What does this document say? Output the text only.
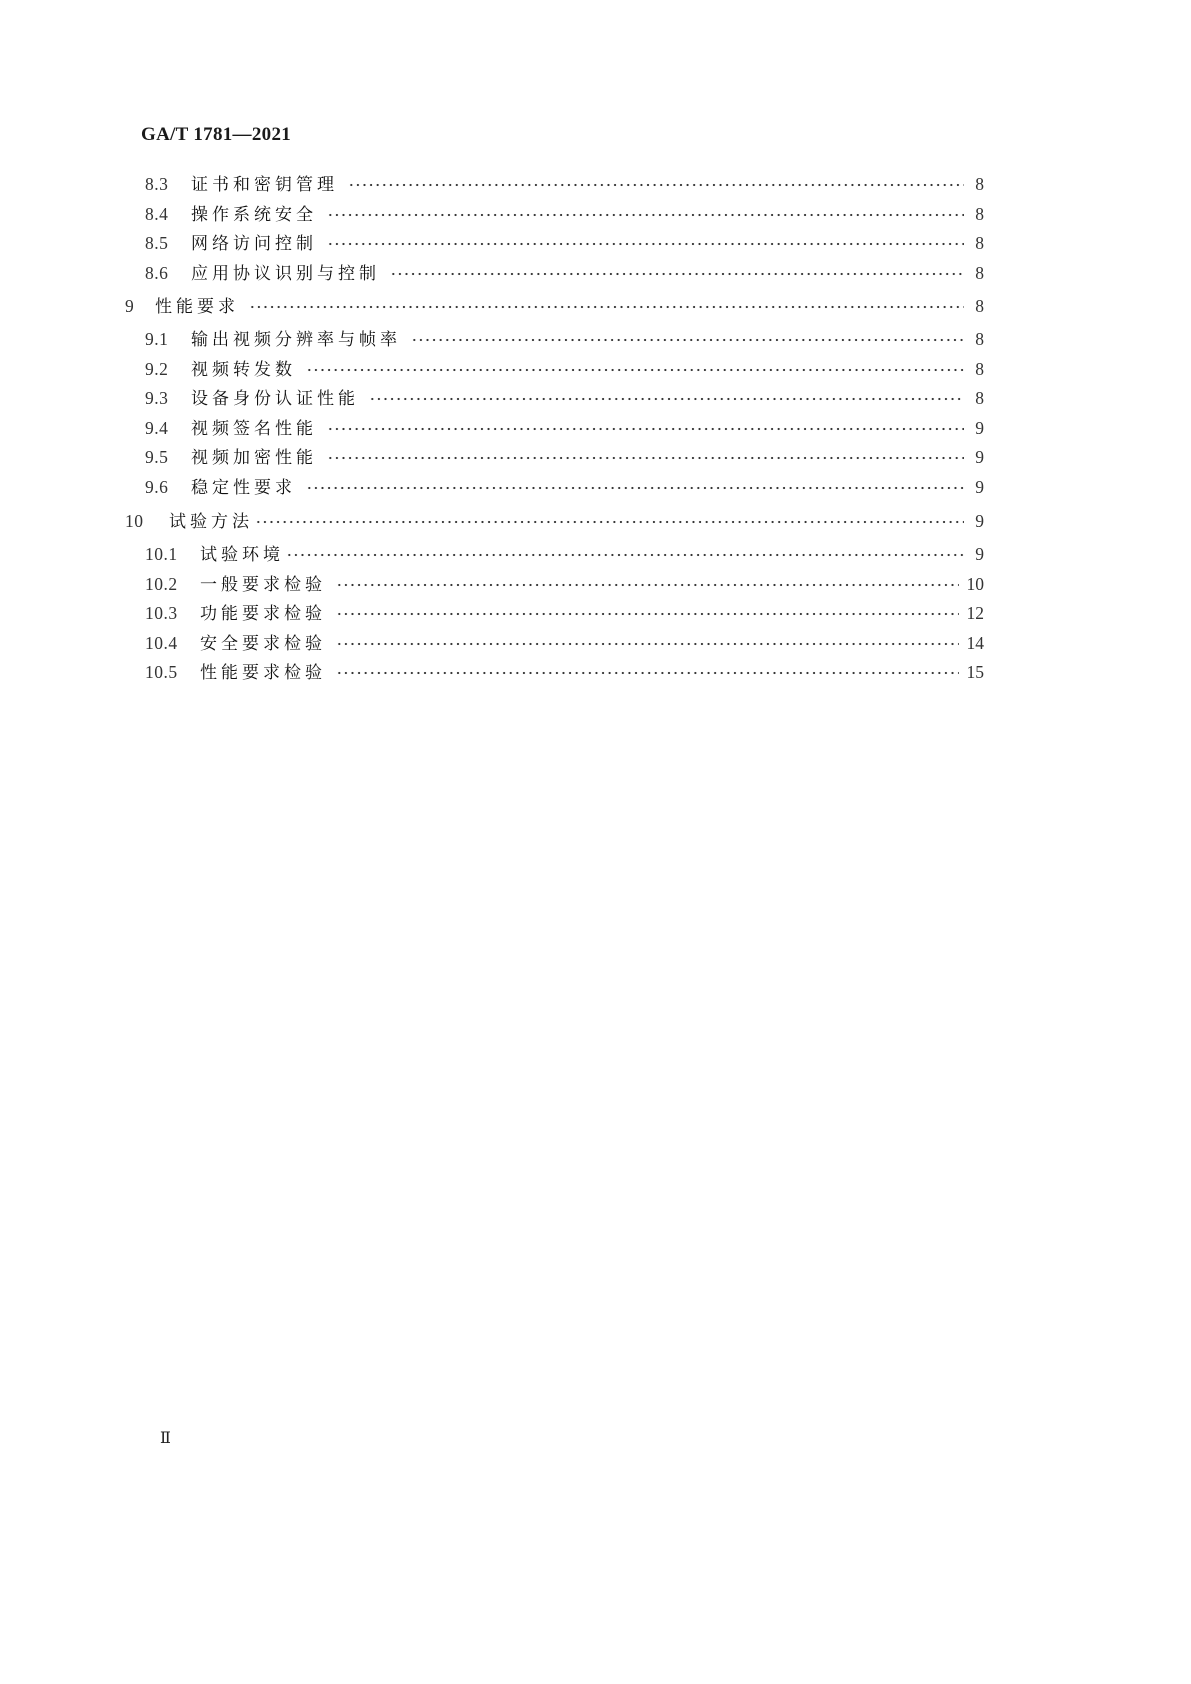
GA/T 1781—2021
8.3	证书和密钥管理	8
8.4	操作系统安全	8
8.5	网络访问控制	8
8.6	应用协议识别与控制	8
9	性能要求	8
9.1	输出视频分辨率与帧率	8
9.2	视频转发数	8
9.3	设备身份认证性能	8
9.4	视频签名性能	9
9.5	视频加密性能	9
9.6	稳定性要求	9
10	试验方法	9
10.1	试验环境	9
10.2	一般要求检验	10
10.3	功能要求检验	12
10.4	安全要求检验	14
10.5	性能要求检验	15
Ⅱ
